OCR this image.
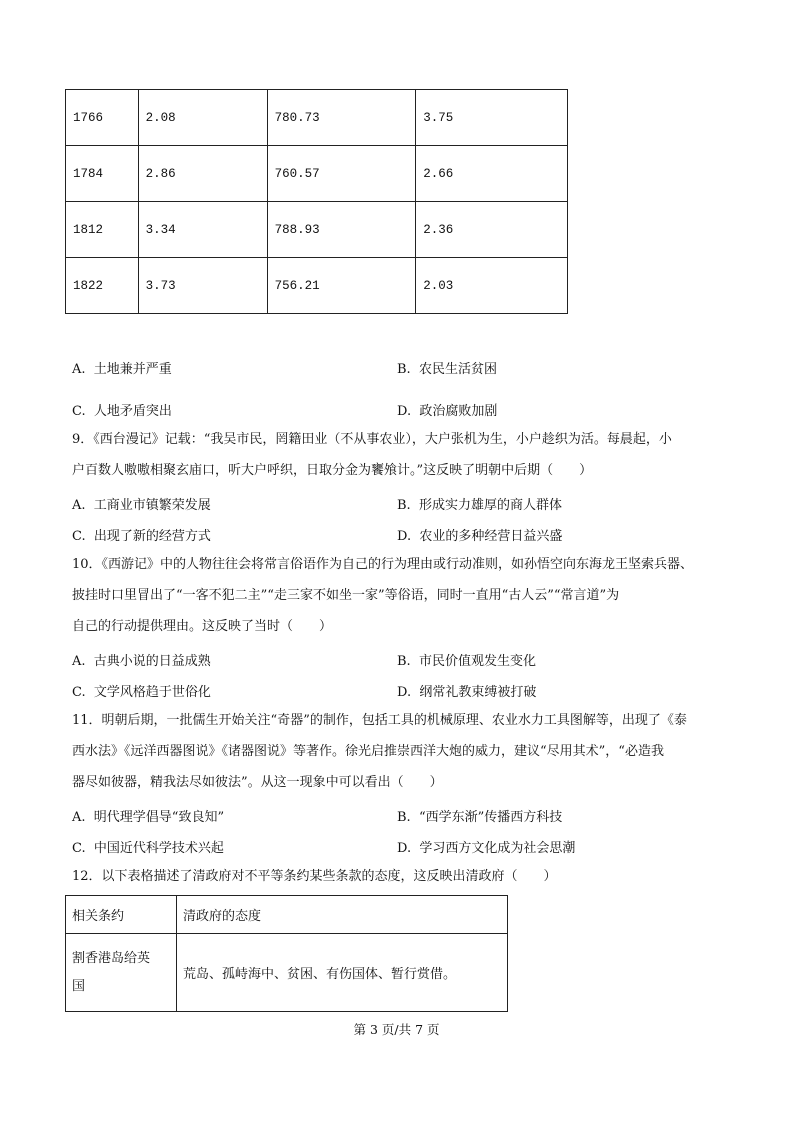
1766	2.08	780.73	3.75
1784	2.86	760.57	2.66
1812	3.34	788.93	2.36
1822	3.73	756.21	2.03
A. 土地兼并严重	B. 农民生活贫困
C. 人地矛盾突出	D. 政治腐败加剧
9．《西台漫记》记载：“我吴市民，罔籍田业（不从事农业），大户张机为生，小户趁织为活。每晨起，小
户百数人嗷嗷相聚玄庙口，听大户呼织，日取分金为饔飧计。”这反映了明朝中后期（　　）
A. 工商业市镇繁荣发展	B. 形成实力雄厚的商人群体
C. 出现了新的经营方式	D. 农业的多种经营日益兴盛
10．《西游记》中的人物往往会将常言俗语作为自己的行为理由或行动准则，如孙悟空向东海龙王坚索兵器、
披挂时口里冒出了“一客不犯二主”“走三家不如坐一家”等俗语，同时一直用“古人云”“常言道”为
自己的行动提供理由。这反映了当时（　　）
A. 古典小说的日益成熟	B. 市民价值观发生变化
C. 文学风格趋于世俗化	D. 纲常礼教束缚被打破
11．明朝后期，一批儒生开始关注“奇器”的制作，包括工具的机械原理、农业水力工具图解等，出现了《泰
西水法》《远洋西器图说》《诸器图说》等著作。徐光启推崇西洋大炮的威力，建议“尽用其术”，“必造我
器尽如彼器，精我法尽如彼法”。从这一现象中可以看出（　　）
A. 明代理学倡导“致良知”	B. “西学东渐”传播西方科技
C. 中国近代科学技术兴起	D. 学习西方文化成为社会思潮
12．以下表格描述了清政府对不平等条约某些条款的态度，这反映出清政府（　　）
相关条约	清政府的态度

割香港岛给英
国	荒岛、孤峙海中、贫困、有伤国体、暂行赏借。
第 3 页/共 7 页
